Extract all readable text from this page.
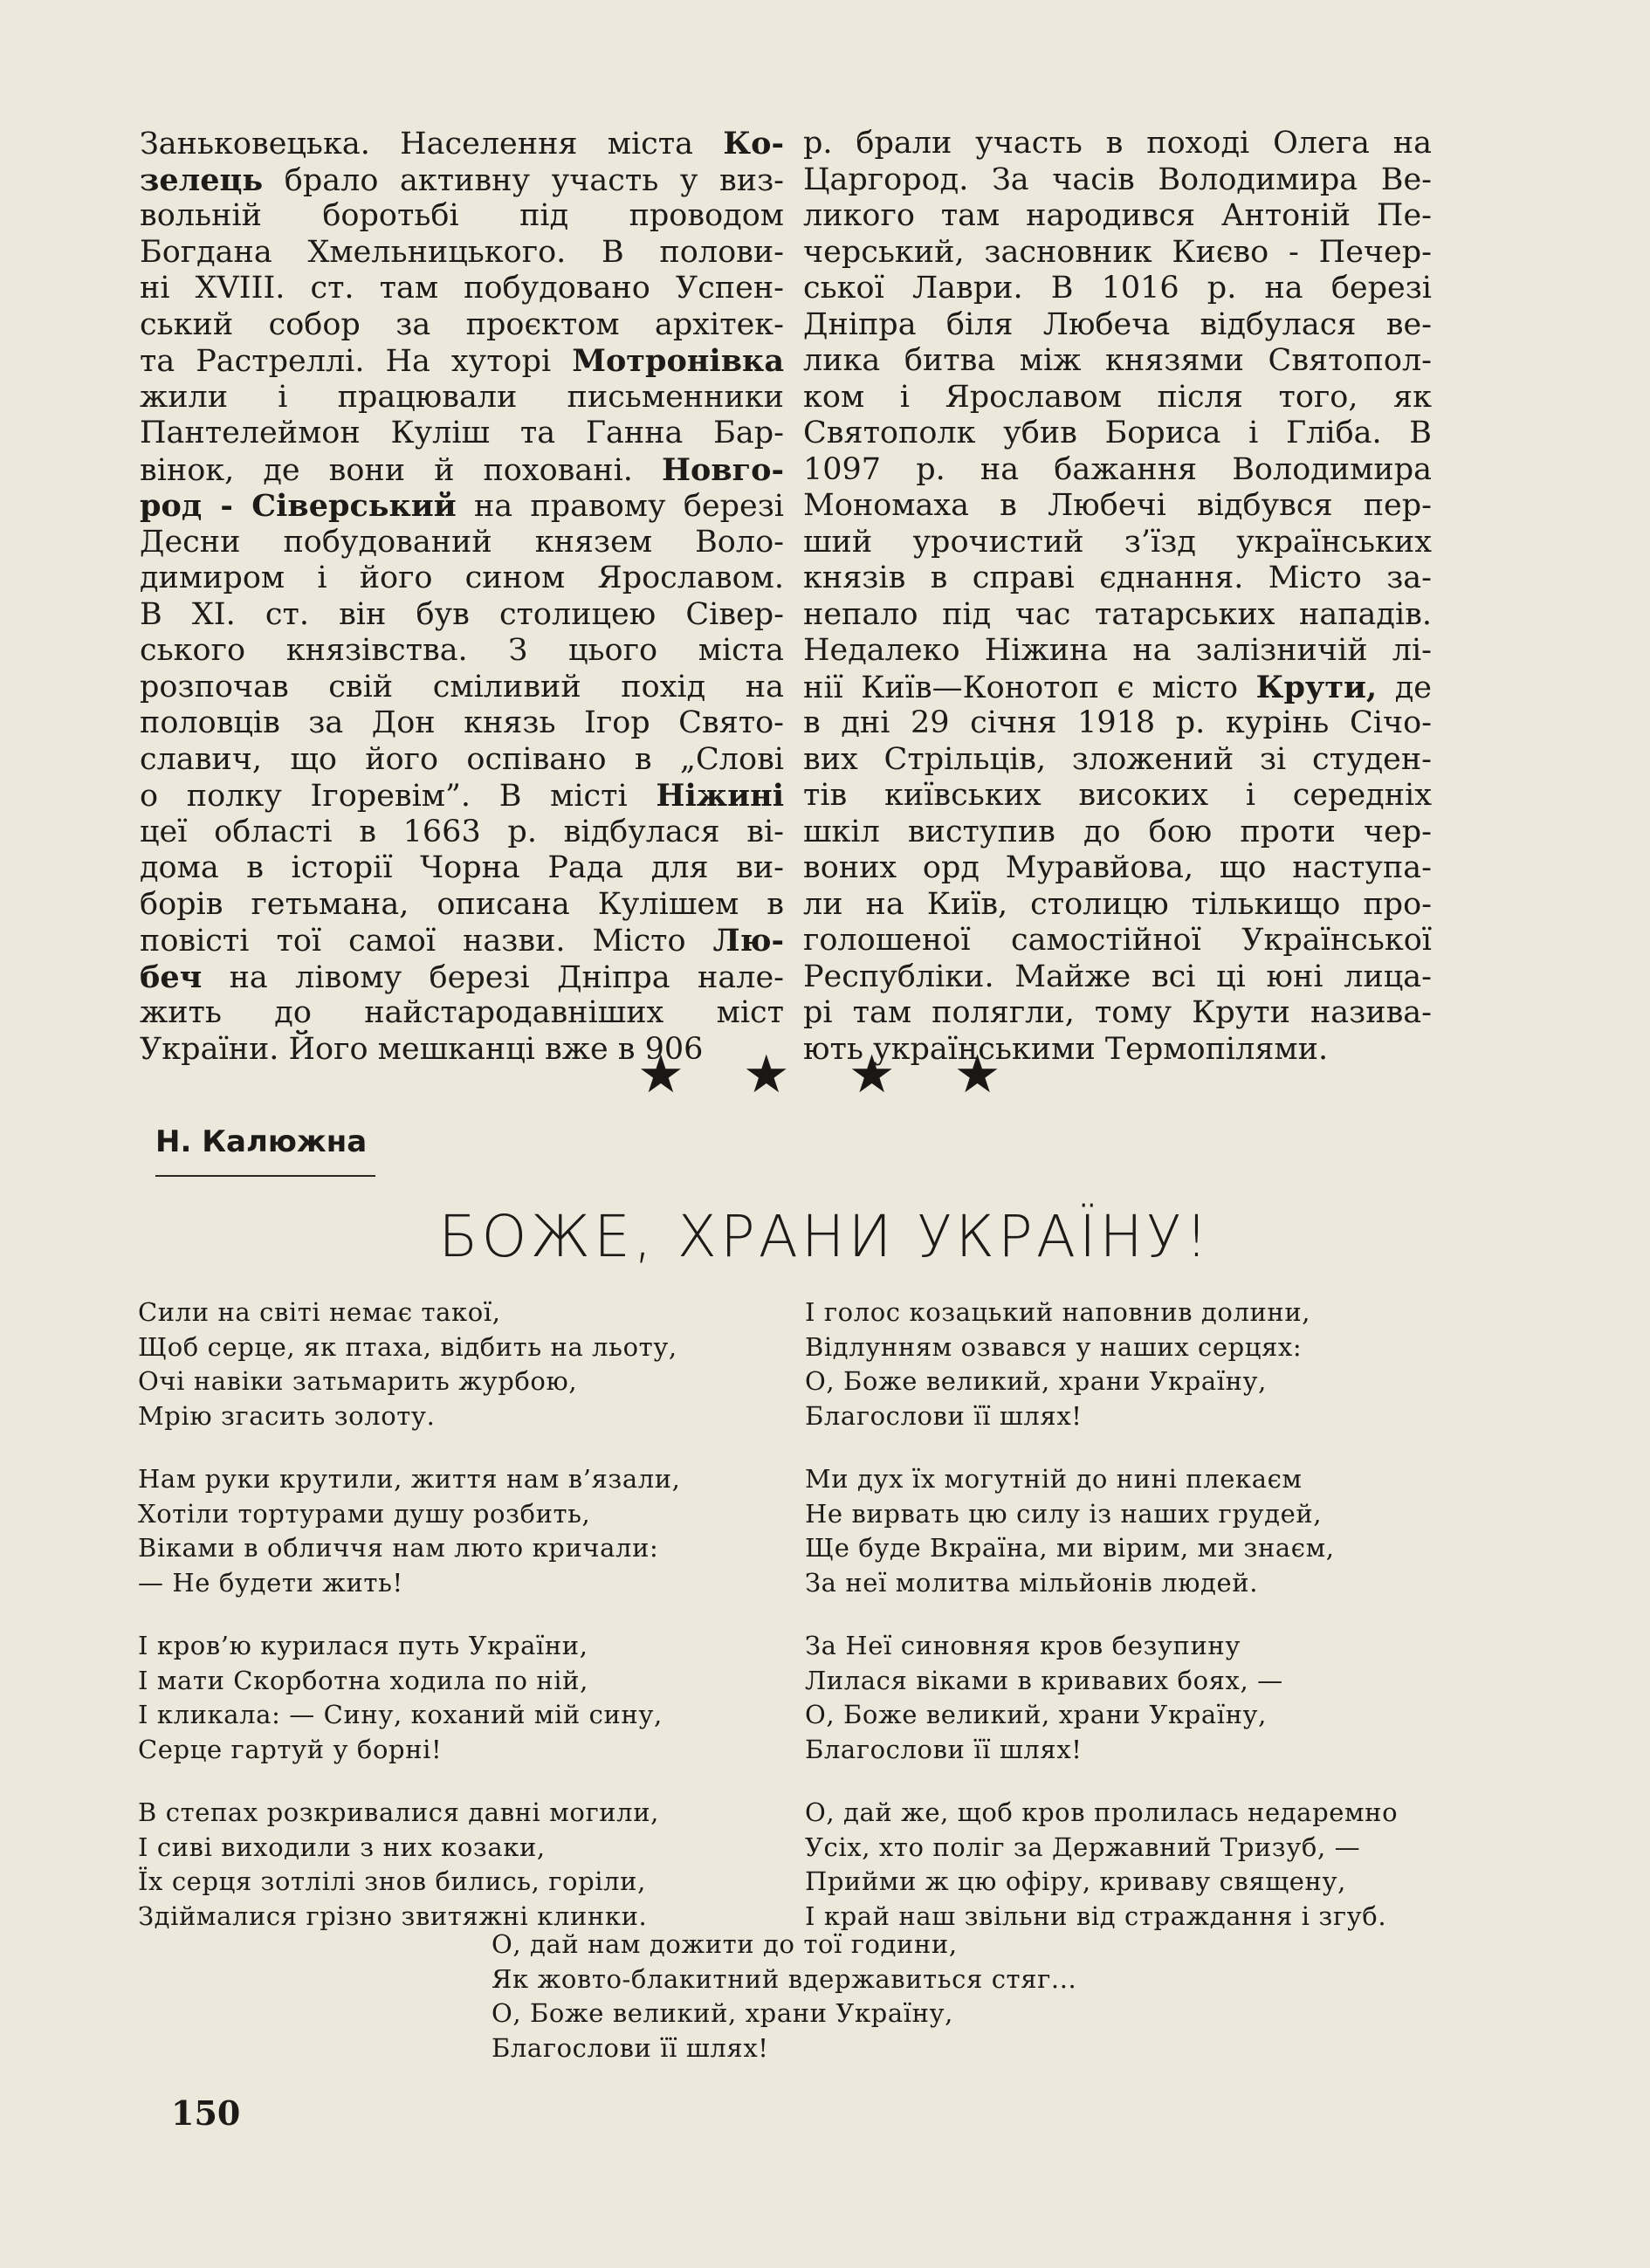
Заньковецька. Населення міста Ко-
зелець брало активну участь у виз-
вольній боротьбі під проводом
Богдана Хмельницького. В полови-
ні XVIII. ст. там побудовано Успен-
ський собор за проєктом архітек-
та Растреллі. На хуторі Мотронівка
жили і працювали письменники
Пантелеймон Куліш та Ганна Бар-
вінок, де вони й поховані. Новго-
род - Сіверський на правому березі
Десни побудований князем Воло-
димиром і його сином Ярославом.
В XI. ст. він був столицею Сівер-
ського князівства. З цього міста
розпочав свій сміливий похід на
половців за Дон князь Ігор Свято-
славич, що його оспівано в „Слові
о полку Ігоревім”. В місті Ніжині
цеї області в 1663 р. відбулася ві-
дома в історії Чорна Рада для ви-
борів гетьмана, описана Кулішем в
повісті тої самої назви. Місто Лю-
беч на лівому березі Дніпра нале-
жить до найстародавніших міст
України. Його мешканці вже в 906
р. брали участь в поході Олега на
Царгород. За часів Володимира Ве-
ликого там народився Антоній Пе-
черський, засновник Києво - Печер-
ської Лаври. В 1016 р. на березі
Дніпра біля Любеча відбулася ве-
лика битва між князями Святопол-
ком і Ярославом після того, як
Святополк убив Бориса і Гліба. В
1097 р. на бажання Володимира
Мономаха в Любечі відбувся пер-
ший урочистий з’їзд українських
князів в справі єднання. Місто за-
непало під час татарських нападів.
Недалеко Ніжина на залізничій лі-
нії Київ—Конотоп є місто Крути, де
в дні 29 січня 1918 р. курінь Січо-
вих Стрільців, зложений зі студен-
тів київських високих і середніх
шкіл виступив до бою проти чер-
воних орд Муравйова, що наступа-
ли на Київ, столицю тількищо про-
голошеної самостійної Української
Республіки. Майже всі ці юні лица-
рі там полягли, тому Крути назива-
ють українськими Термопілями.
★ ★ ★ ★
Н. Калюжна
БОЖЕ, ХРАНИ УКРАЇНУ!
Сили на світі немає такої,
Щоб серце, як птаха, відбить на льоту,
Очі навіки затьмарить журбою,
Мрію згасить золоту.
Нам руки крутили, життя нам в’язали,
Хотіли тортурами душу розбить,
Віками в обличчя нам люто кричали:
— Не будети жить!
І кров’ю курилася путь України,
І мати Скорботна ходила по ній,
І кликала: — Сину, коханий мій сину,
Серце гартуй у борні!
В степах розкривалися давні могили,
І сиві виходили з них козаки,
Їх серця зотлілі знов бились, горіли,
Здіймалися грізно звитяжні клинки.
І голос козацький наповнив долини,
Відлунням озвався у наших серцях:
О, Боже великий, храни Україну,
Благослови її шлях!
Ми дух їх могутній до нині плекаєм
Не вирвать цю силу із наших грудей,
Ще буде Вкраїна, ми віpим, ми знаєм,
За неї молитва мільйонів людей.
За Неї синовняя кров безупину
Лилася віками в кривавих боях, —
О, Боже великий, храни Україну,
Благослови її шлях!
О, дай же, щоб кров пролилась недаремно
Усіх, хто поліг за Державний Тризуб, —
Прийми ж цю офіру, криваву священу,
І край наш звільни від страждання і згуб.
О, дай нам дожити до тої години,
Як жовто-блакитний вдержавиться стяг...
О, Боже великий, храни Україну,
Благослови її шлях!
150
